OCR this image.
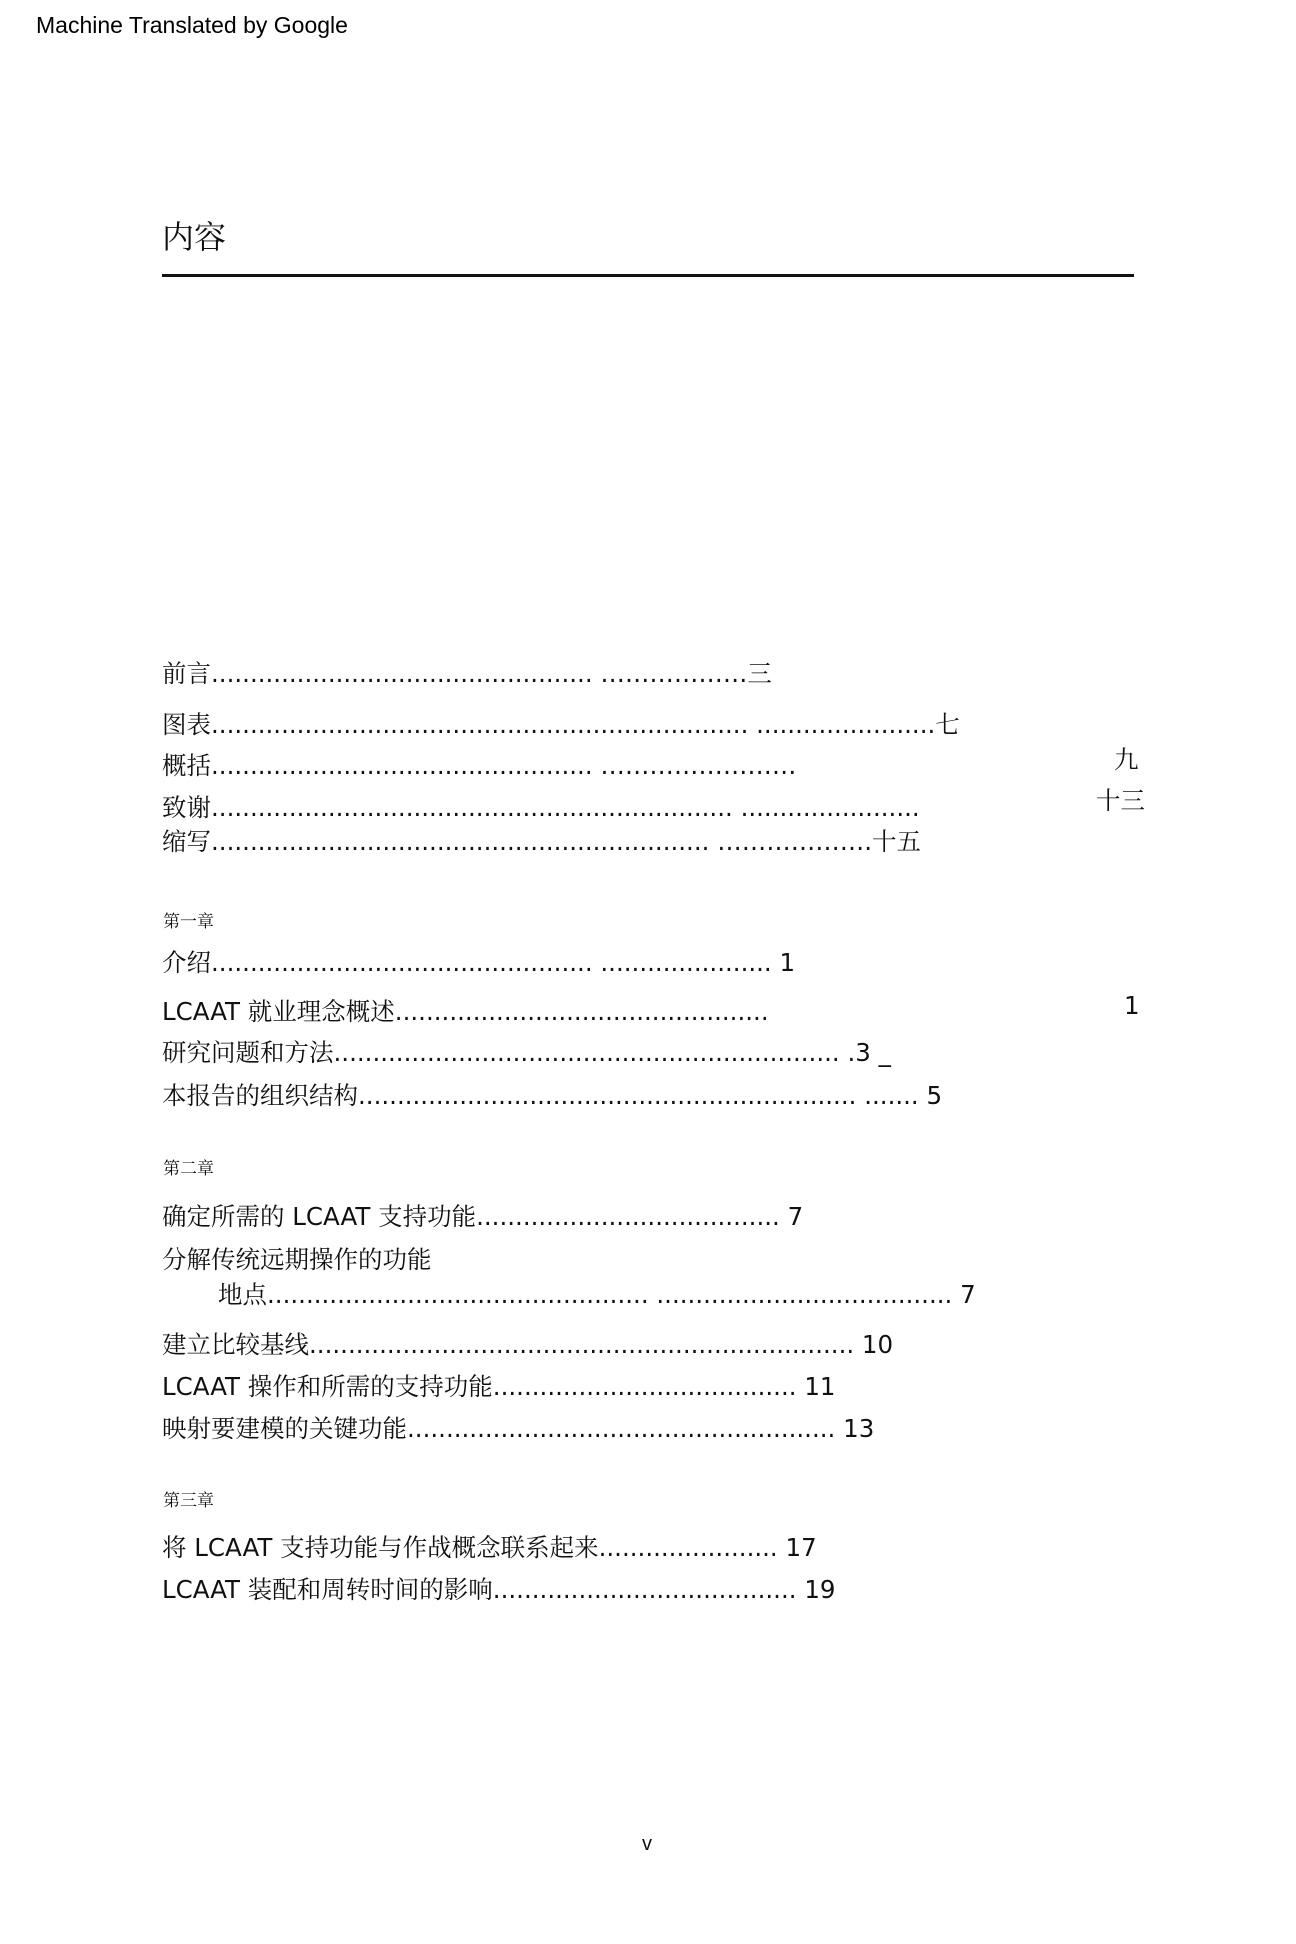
Machine Translated by Google
内容
前言................................................. ………………三
图表..................................................................... .......................七
概括................................................. ……………………	九
致谢................................................................... .......................	十三
缩写................................................................ ……………….十五
第一章
介绍................................................. ...................... 1
LCAAT 就业理念概述................................................	1
研究问题和方法................................................................. .3 _
本报告的组织结构................................................................ ....... 5
第二章
确定所需的 LCAAT 支持功能....................................... 7
分解传统远期操作的功能
地点................................................. ...................................... 7
建立比较基线...................................................................... 10
LCAAT 操作和所需的支持功能....................................... 11
映射要建模的关键功能....................................................... 13
第三章
将 LCAAT 支持功能与作战概念联系起来....................... 17
LCAAT 装配和周转时间的影响....................................... 19
v
